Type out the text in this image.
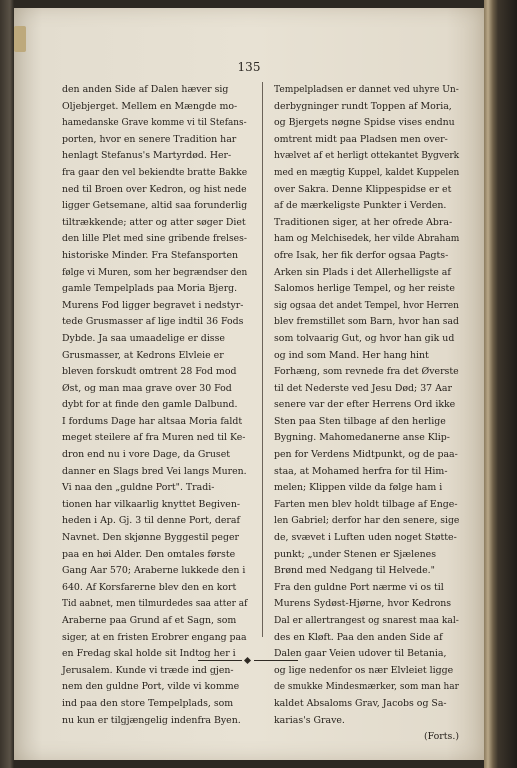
135
den anden Side af Dalen hæver sig
Oljebjerget. Mellem en Mængde mo-
hamedanske Grave komme vi til Stefans-
porten, hvor en senere Tradition har
henlagt Stefanus's Martyrdød. Her-
fra gaar den vel bekiendte bratte Bakke
ned til Broen over Kedron, og hist nede
ligger Getsemane, altid saa forunderlig
tiltrækkende; atter og atter søger Diet
den lille Plet med sine gribende frelses-
historiske Minder. Fra Stefansporten
følge vi Muren, som her begrændser den
gamle Tempelplads paa Moria Bjerg.
Murens Fod ligger begravet i nedstyr-
tede Grusmasser af lige indtil 36 Fods
Dybde. Ja saa umaadelige er disse
Grusmasser, at Kedrons Elvleie er
bleven forskudt omtrent 28 Fod mod
Øst, og man maa grave over 30 Fod
dybt for at finde den gamle Dalbund.
I fordums Dage har altsaa Moria faldt
meget steilere af fra Muren ned til Ke-
dron end nu i vore Dage, da Gruset
danner en Slags bred Vei langs Muren.
Vi naa den „guldne Port". Tradi-
tionen har vilkaarlig knyttet Begiven-
heden i Ap. Gj. 3 til denne Port, deraf
Navnet. Den skjønne Byggestil peger
paa en høi Alder. Den omtales første
Gang Aar 570; Araberne lukkede den i
640. Af Korsfarerne blev den en kort
Tid aabnet, men tilmurdedes saa atter af
Araberne paa Grund af et Sagn, som
siger, at en fristen Erobrer engang paa
en Fredag skal holde sit Indtog her i
Jerusalem. Kunde vi træde ind gjen-
nem den guldne Port, vilde vi komme
ind paa den store Tempelplads, som
nu kun er tilgjængelig indenfra Byen.
Tempelpladsen er dannet ved uhyre Un-
derbygninger rundt Toppen af Moria,
og Bjergets nøgne Spidse vises endnu
omtrent midt paa Pladsen men over-
hvælvet af et herligt ottekantet Bygverk
med en mægtig Kuppel, kaldet Kuppelen
over Sakra. Denne Klippespidse er et
af de mærkeligste Punkter i Verden.
Traditionen siger, at her ofrede Abra-
ham og Melchisedek, her vilde Abraham
ofre Isak, her fik derfor ogsaa Pagts-
Arken sin Plads i det Allerhelligste af
Salomos herlige Tempel, og her reiste
sig ogsaa det andet Tempel, hvor Herren
blev fremstillet som Barn, hvor han sad
som tolvaarig Gut, og hvor han gik ud
og ind som Mand. Her hang hint
Forhæng, som revnede fra det Øverste
til det Nederste ved Jesu Død; 37 Aar
senere var der efter Herrens Ord ikke
Sten paa Sten tilbage af den herlige
Bygning. Mahomedanerne anse Klip-
pen for Verdens Midtpunkt, og de paa-
staa, at Mohamed herfra for til Him-
melen; Klippen vilde da følge ham i
Farten men blev holdt tilbage af Enge-
len Gabriel; derfor har den senere, sige
de, svævet i Luften uden noget Støtte-
punkt; „under Stenen er Sjælenes
Brønd med Nedgang til Helvede."
Fra den guldne Port nærme vi os til
Murens Sydøst-Hjørne, hvor Kedrons
Dal er allertrangest og snarest maa kal-
des en Kløft. Paa den anden Side af
Dalen gaar Veien udover til Betania,
og lige nedenfor os nær Elvleiet ligge
de smukke Mindesmærker, som man har
kaldet Absaloms Grav, Jacobs og Sa-
karias's Grave.
(Forts.)
